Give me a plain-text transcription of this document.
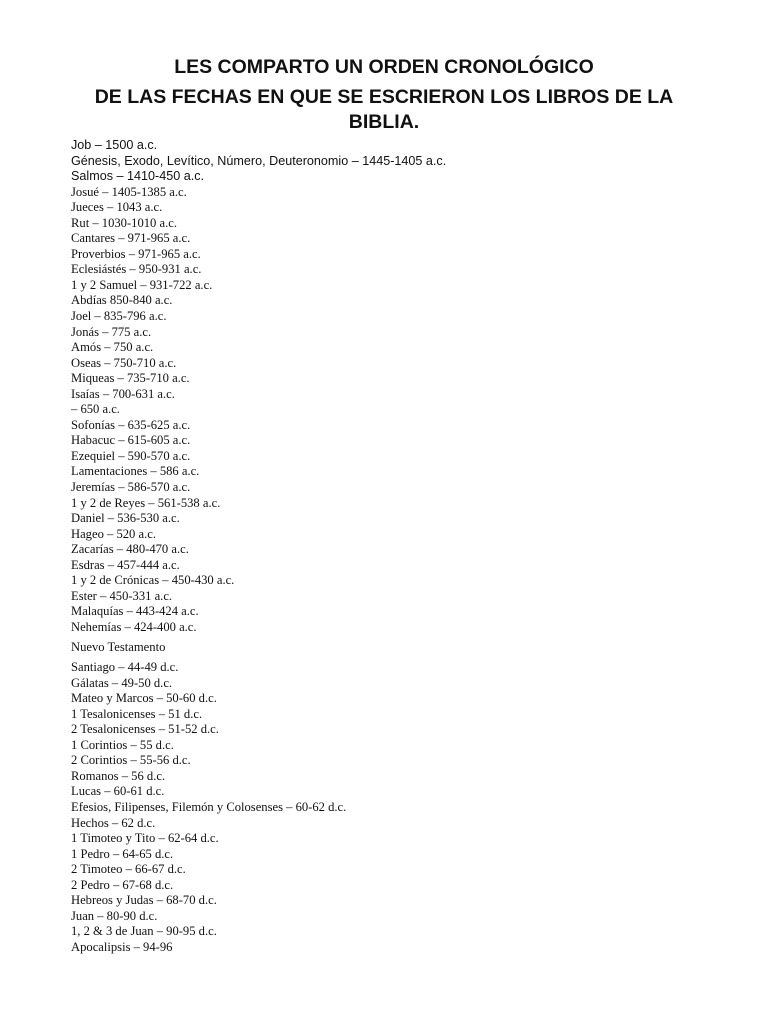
LES COMPARTO UN ORDEN CRONOLÓGICO
DE LAS FECHAS EN QUE SE ESCRIERON LOS LIBROS DE LA BIBLIA.
Job – 1500 a.c.
Génesis, Exodo, Levítico, Número, Deuteronomio – 1445-1405 a.c.
Salmos – 1410-450 a.c.
Josué – 1405-1385 a.c.
Jueces – 1043 a.c.
Rut – 1030-1010 a.c.
Cantares – 971-965 a.c.
Proverbios – 971-965 a.c.
Eclesiástés – 950-931 a.c.
1 y 2 Samuel – 931-722 a.c.
Abdías 850-840 a.c.
Joel – 835-796 a.c.
Jonás – 775 a.c.
Amós – 750 a.c.
Oseas – 750-710 a.c.
Miqueas – 735-710 a.c.
Isaías – 700-631 a.c.
– 650 a.c.
Sofonías – 635-625 a.c.
Habacuc – 615-605 a.c.
Ezequiel – 590-570 a.c.
Lamentaciones – 586 a.c.
Jeremías – 586-570 a.c.
1 y 2 de Reyes – 561-538 a.c.
Daniel – 536-530 a.c.
Hageo – 520 a.c.
Zacarías – 480-470 a.c.
Esdras – 457-444 a.c.
1 y 2 de Crónicas – 450-430 a.c.
Ester – 450-331 a.c.
Malaquías – 443-424 a.c.
Nehemías – 424-400 a.c.
Nuevo Testamento
Santiago – 44-49 d.c.
Gálatas – 49-50 d.c.
Mateo y Marcos – 50-60 d.c.
1 Tesalonicenses – 51 d.c.
2 Tesalonicenses – 51-52 d.c.
1 Corintios – 55 d.c.
2 Corintios – 55-56 d.c.
Romanos – 56 d.c.
Lucas – 60-61 d.c.
Efesios, Filipenses, Filemón y Colosenses – 60-62 d.c.
Hechos – 62 d.c.
1 Timoteo y Tito – 62-64 d.c.
1 Pedro – 64-65 d.c.
2 Timoteo – 66-67 d.c.
2 Pedro – 67-68 d.c.
Hebreos y Judas – 68-70 d.c.
Juan – 80-90 d.c.
1, 2 & 3 de Juan – 90-95 d.c.
Apocalipsis – 94-96
